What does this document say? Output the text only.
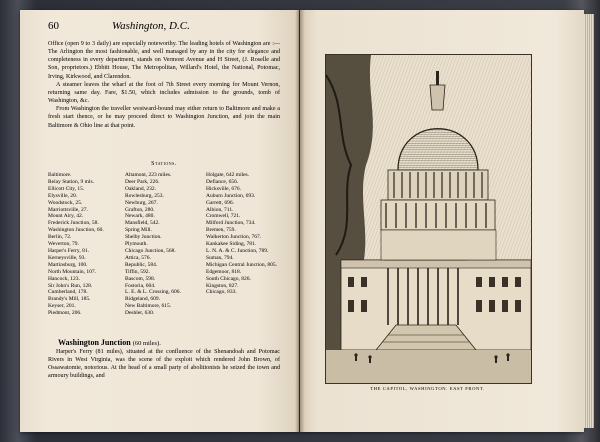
60	Washington, D.C.

Office (open 9 to 3 daily) are especially noteworthy. The leading hotels of Washington are :—The Arlington the most fashionable, and well managed by any in the city for elegance and completeness in every department, stands on Vermont Avenue and H Street, (J. Roselle and Son, proprietors.) Ebbitt House, The Metropolitan, Willard's Hotel, the National, Potomac, Irving, Kirkwood, and Clarendon.

A steamer leaves the wharf at the foot of 7th Street every morning for Mount Vernon, returning same day. Fare, $1.50, which includes admission to the grounds, tomb of Washington, &c.

From Washington the traveller westward-bound may either return to Baltimore and make a fresh start thence, or he may proceed direct to Washington Junction, and join the main Baltimore & Ohio line at that point.

Stations.
Baltimore.
Relay Station, 9 mls.
Ellicott City, 15.
Elysville, 20.
Woodstock, 25.
Marriottsville, 27.
Mount Airy, 42.
Frederick Junction, 58.
Washington Junction, 60.
Berlin, 72.
Weverton, 79.
Harper's Ferry, 81.
Kerneysville, 93.
Martinsburg, 100.
North Mountain, 107.
Hancock, 123.
Sir John's Run, 128.
Cumberland, 178.
Brandy's Mill, 185.
Keyser, 201.
Piedmont, 206.
Altamont, 223 miles.
Deer Park, 226.
Oakland, 232.
Rowlesburg, 253.
Newburg, 267.
Grafton, 280.
Newark, 480.
Mansfield, 542.
Spring Mill.
Shelby Junction.
Plymouth.
Chicago Junction, 568.
Attica, 576.
Republic, 584.
Tiffin, 592.
Bascom, 598.
Fostoria, 604.
L. E. & L. Crossing, 606.
Ridgeland, 609.
New Baltimore, 615.
Deshler, 630.
Holgate, 642 miles.
Defiance, 656.
Hicksville, 676.
Auburn Junction, 693.
Garrett, 696.
Albion, 711.
Cromwell, 721.
Milford Junction, 734.
Bremen, 759.
Walkerton Junction, 767.
Kankakee Siding, 781.
L. N. A. & C. Junction, 789.
Suman, 794.
Michigan Central Junction, 805.
Edgemoor, 818.
South Chicago, 826.
Kingston, 827.
Chicago, 833.
Washington Junction (60 miles).

Harper's Ferry (81 miles), situated at the confluence of the Shenandoah and Potomac Rivers in West Virginia, was the scene of the exploit which rendered John Brown, of Ossawatomie, notorious. At the head of a small party of abolitionists he seized the town and armoury buildings, and

THE CAPITOL, WASHINGTON. EAST FRONT.
